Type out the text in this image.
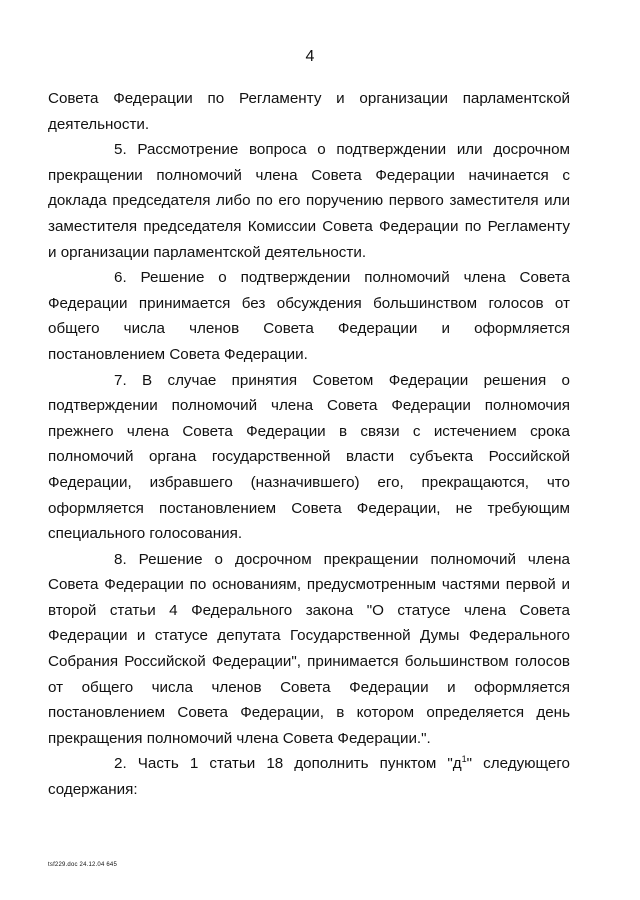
4

Совета Федерации по Регламенту и организации парламентской деятельности.

5. Рассмотрение вопроса о подтверждении или досрочном прекращении полномочий члена Совета Федерации начинается с доклада председателя либо по его поручению первого заместителя или заместителя председателя Комиссии Совета Федерации по Регламенту и организации парламентской деятельности.

6. Решение о подтверждении полномочий члена Совета Федерации принимается без обсуждения большинством голосов от общего числа членов Совета Федерации и оформляется постановлением Совета Федерации.

7. В случае принятия Советом Федерации решения о подтверждении полномочий члена Совета Федерации полномочия прежнего члена Совета Федерации в связи с истечением срока полномочий органа государственной власти субъекта Российской Федерации, избравшего (назначившего) его, прекращаются, что оформляется постановлением Совета Федерации, не требующим специального голосования.

8. Решение о досрочном прекращении полномочий члена Совета Федерации по основаниям, предусмотренным частями первой и второй статьи 4 Федерального закона "О статусе члена Совета Федерации и статусе депутата Государственной Думы Федерального Собрания Российской Федерации", принимается большинством голосов от общего числа членов Совета Федерации и оформляется постановлением Совета Федерации, в котором определяется день прекращения полномочий члена Совета Федерации.".

2. Часть 1 статьи 18 дополнить пунктом "$д^1$" следующего содержания:

tsf229.doc 24.12.04 645
